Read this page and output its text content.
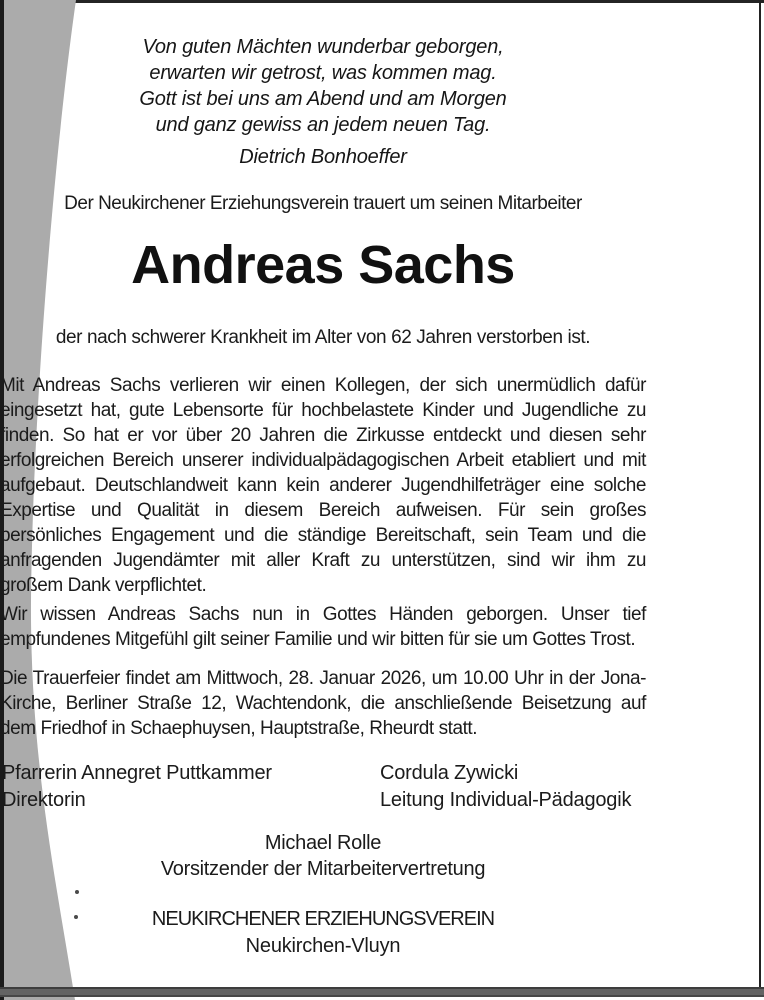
Von guten Mächten wunderbar geborgen,
erwarten wir getrost, was kommen mag.
Gott ist bei uns am Abend und am Morgen
und ganz gewiss an jedem neuen Tag.
Dietrich Bonhoeffer
Der Neukirchener Erziehungsverein trauert um seinen Mitarbeiter
Andreas Sachs
der nach schwerer Krankheit im Alter von 62 Jahren verstorben ist.

Mit Andreas Sachs verlieren wir einen Kollegen, der sich unermüdlich dafür eingesetzt hat, gute Lebensorte für hochbelastete Kinder und Jugendliche zu finden. So hat er vor über 20 Jahren die Zirkusse entdeckt und diesen sehr erfolgreichen Bereich unserer individualpädagogischen Arbeit etabliert und mit aufgebaut. Deutschlandweit kann kein anderer Jugendhilfeträger eine solche Expertise und Qualität in diesem Bereich aufweisen. Für sein großes persönliches Engagement und die ständige Bereitschaft, sein Team und die anfragenden Jugendämter mit aller Kraft zu unterstützen, sind wir ihm zu großem Dank verpflichtet.

Wir wissen Andreas Sachs nun in Gottes Händen geborgen. Unser tief empfundenes Mitgefühl gilt seiner Familie und wir bitten für sie um Gottes Trost.

Die Trauerfeier findet am Mittwoch, 28. Januar 2026, um 10.00 Uhr in der Jona-Kirche, Berliner Straße 12, Wachtendonk, die anschließende Beisetzung auf dem Friedhof in Schaephuysen, Hauptstraße, Rheurdt statt.

Pfarrerin Annegret Puttkammer
Direktorin
Cordula Zywicki
Leitung Individual-Pädagogik
Michael Rolle
Vorsitzender der Mitarbeitervertretung
NEUKIRCHENER ERZIEHUNGSVEREIN
Neukirchen-Vluyn
